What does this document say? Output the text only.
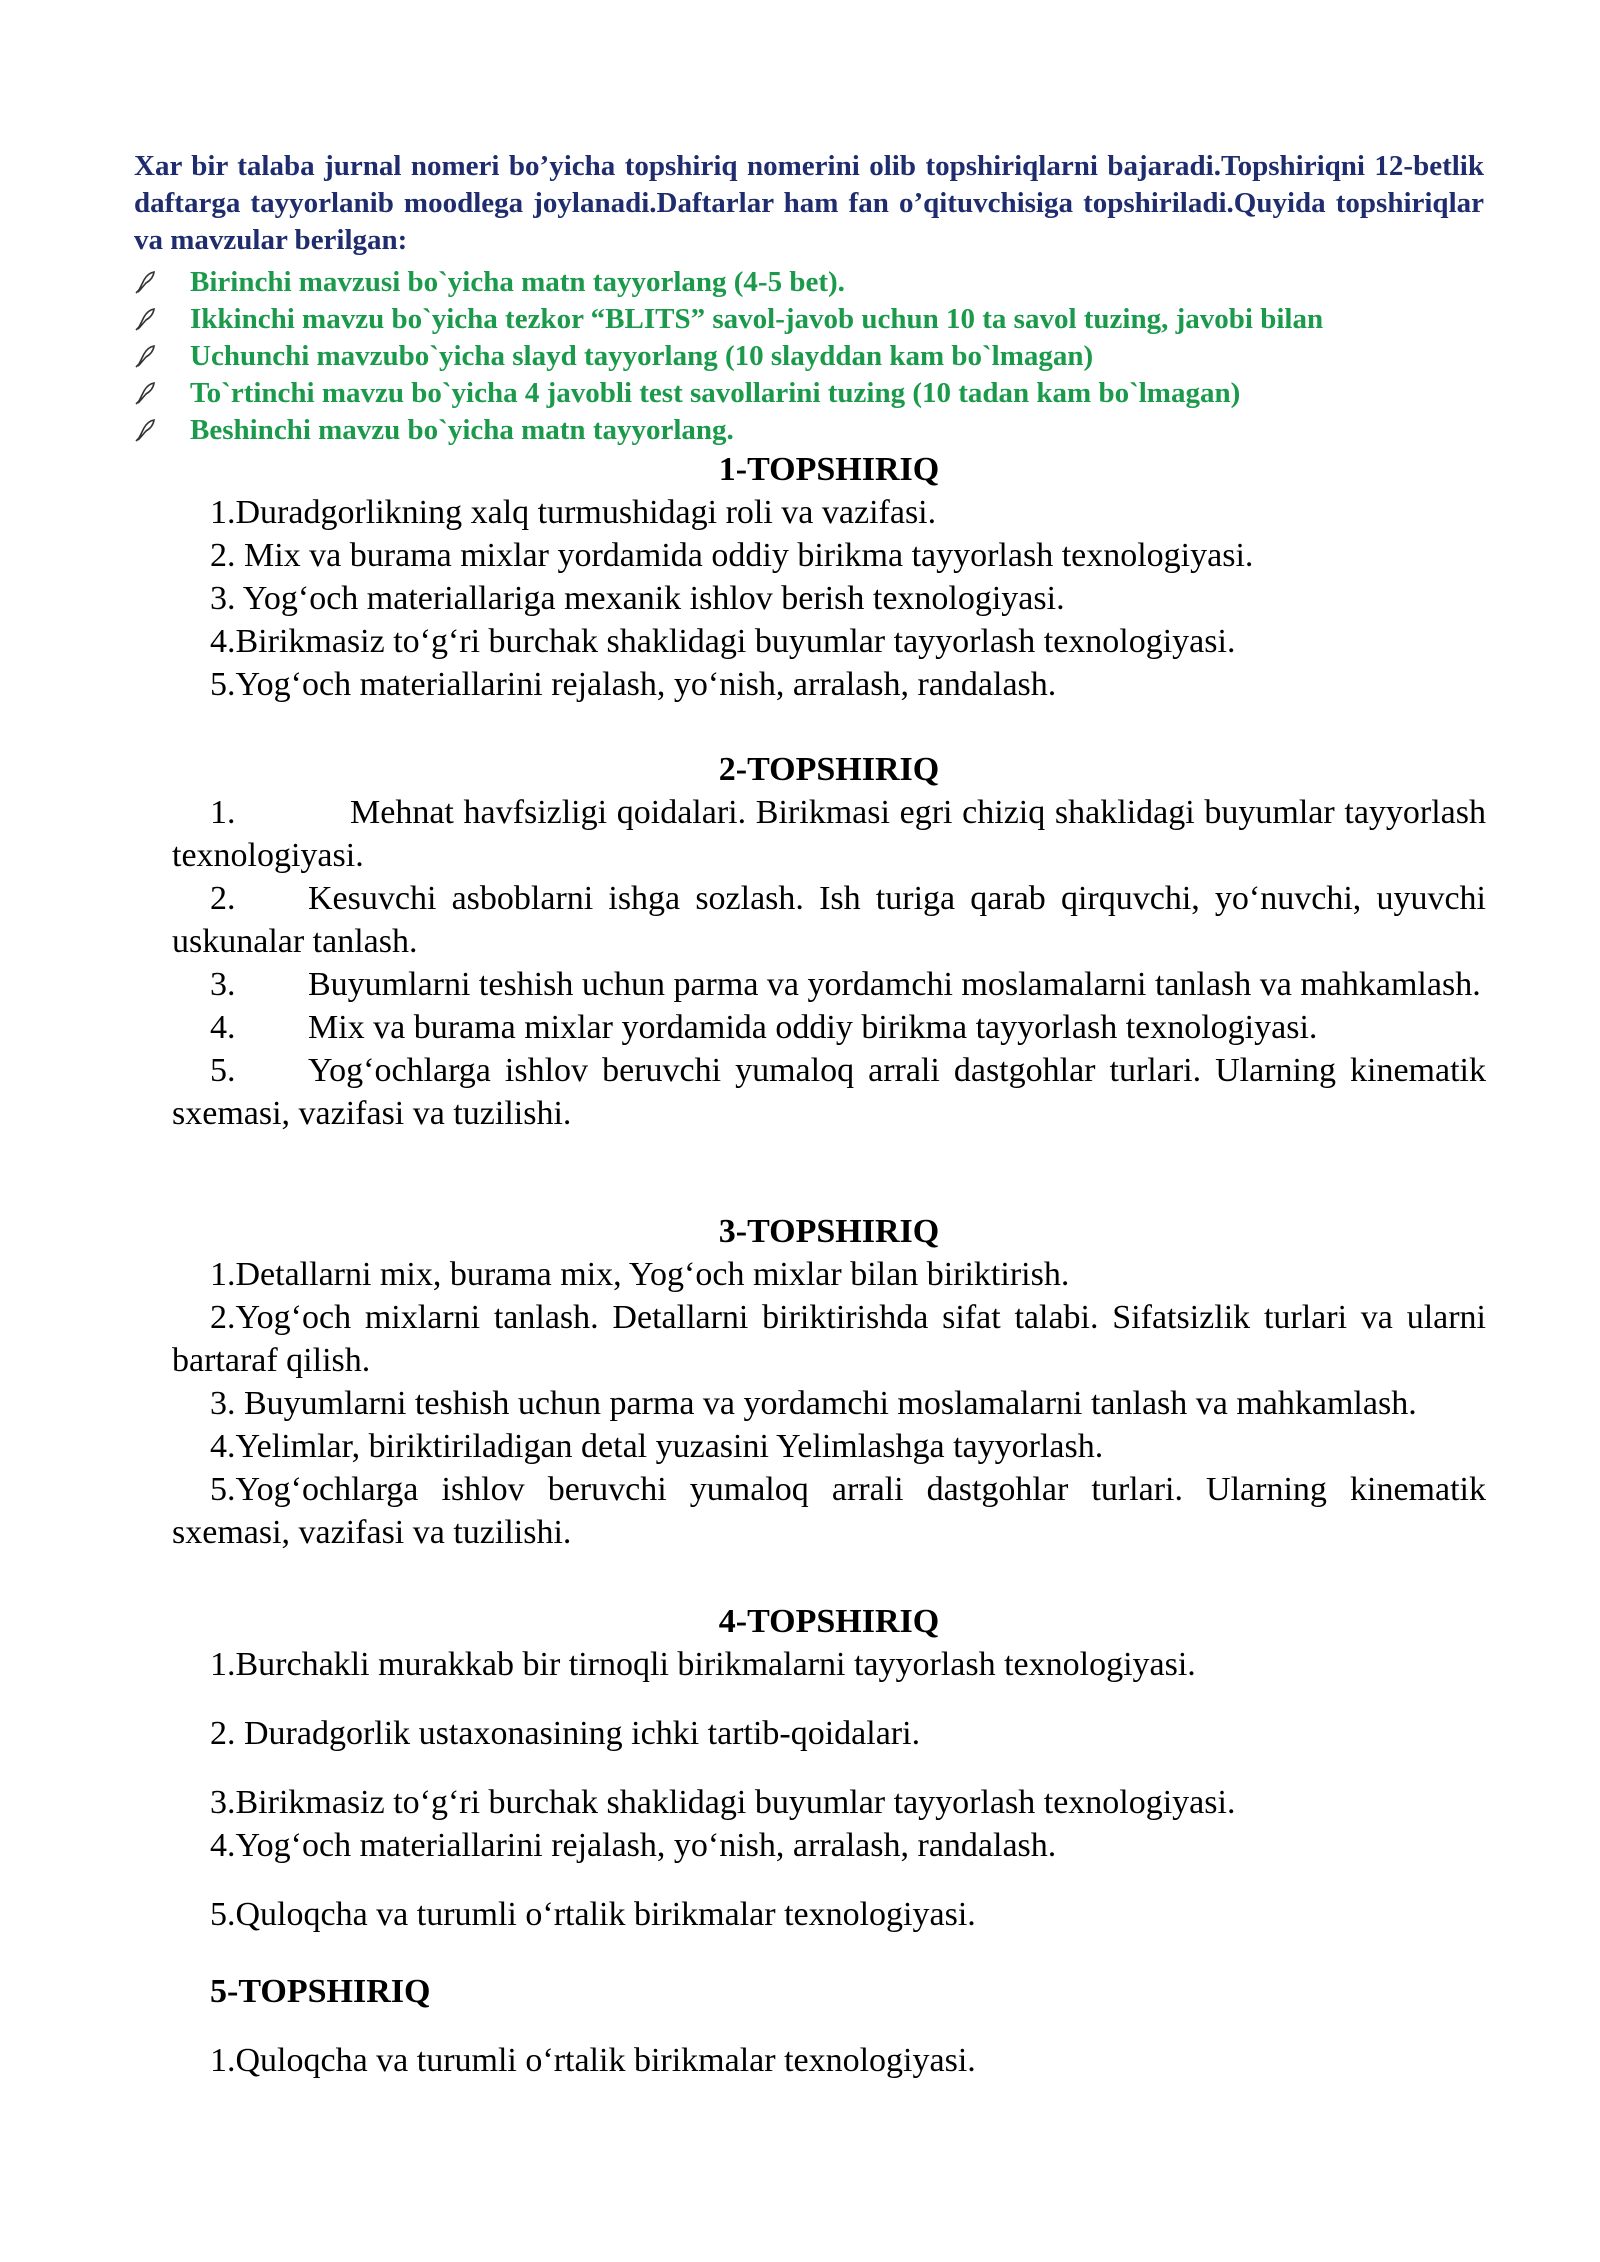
Xar bir talaba jurnal nomeri bo’yicha topshiriq nomerini olib topshiriqlarni bajaradi.Topshiriqni 12-betlik daftarga tayyorlanib moodlega joylanadi.Daftarlar ham fan o’qituvchisiga topshiriladi.Quyida topshiriqlar va mavzular berilgan:

Birinchi mavzusi bo`yicha matn tayyorlang (4-5 bet).
Ikkinchi mavzu bo`yicha tezkor “BLITS” savol-javob uchun 10 ta savol tuzing, javobi bilan
Uchunchi mavzubo`yicha slayd tayyorlang (10 slayddan kam bo`lmagan)
To`rtinchi mavzu bo`yicha 4 javobli test savollarini tuzing (10 tadan kam bo`lmagan)
Beshinchi mavzu bo`yicha matn tayyorlang.
1-TOPSHIRIQ
1.Duradgorlikning xalq turmushidagi roli va vazifasi.
2. Mix va burama mixlar yordamida oddiy birikma tayyorlash texnologiyasi.
3. Yog‘och materiallariga mexanik ishlov berish texnologiyasi.
4.Birikmasiz to‘g‘ri burchak shaklidagi buyumlar tayyorlash texnologiyasi.
5.Yog‘och materiallarini rejalash, yo‘nish, arralash, randalash.
2-TOPSHIRIQ
1.	Mehnat havfsizligi qoidalari. Birikmasi egri chiziq shaklidagi buyumlar tayyorlash texnologiyasi.
2. Kesuvchi asboblarni ishga sozlash. Ish turiga qarab qirquvchi, yo‘nuvchi, uyuvchi uskunalar tanlash.
3. Buyumlarni teshish uchun parma va yordamchi moslamalarni tanlash va mahkamlash.
4. Mix va burama mixlar yordamida oddiy birikma tayyorlash texnologiyasi.
5. Yog‘ochlarga ishlov beruvchi yumaloq arrali dastgohlar turlari. Ularning kinematik sxemasi, vazifasi va tuzilishi.
3-TOPSHIRIQ
1.Detallarni mix, burama mix, Yog‘och mixlar bilan biriktirish.
2.Yog‘och mixlarni tanlash. Detallarni biriktirishda sifat talabi. Sifatsizlik turlari va ularni bartaraf qilish.
3. Buyumlarni teshish uchun parma va yordamchi moslamalarni tanlash va mahkamlash.
4.Yelimlar, biriktiriladigan detal yuzasini Yelimlashga tayyorlash.
5.Yog‘ochlarga ishlov beruvchi yumaloq arrali dastgohlar turlari. Ularning kinematik sxemasi, vazifasi va tuzilishi.
4-TOPSHIRIQ
1.Burchakli murakkab bir tirnoqli birikmalarni tayyorlash texnologiyasi.
2. Duradgorlik ustaxonasining ichki tartib-qoidalari.
3.Birikmasiz to‘g‘ri burchak shaklidagi buyumlar tayyorlash texnologiyasi.
4.Yog‘och materiallarini rejalash, yo‘nish, arralash, randalash.
5.Quloqcha va turumli o‘rtalik birikmalar texnologiyasi.
5-TOPSHIRIQ
1.Quloqcha va turumli o‘rtalik birikmalar texnologiyasi.
